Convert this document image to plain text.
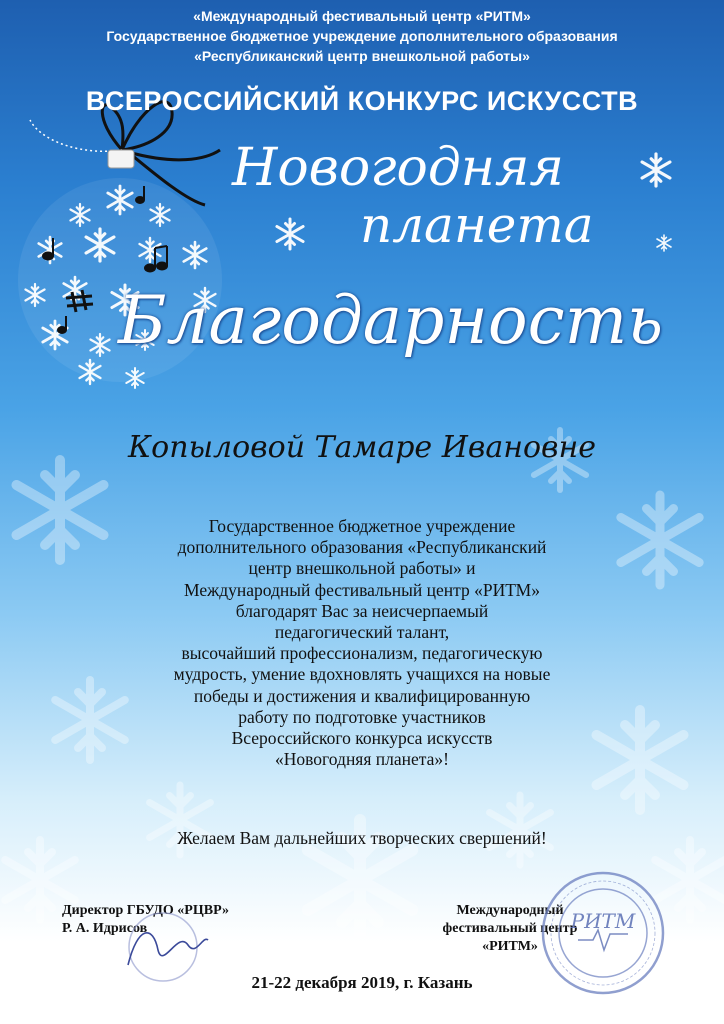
«Международный фестивальный центр «РИТМ»
Государственное бюджетное учреждение дополнительного образования
«Республиканский центр внешкольной работы»
ВСЕРОССИЙСКИЙ КОНКУРС ИСКУССТВ
Новогодняя
планета
Благодарность
Копыловой Тамаре Ивановне
Государственное бюджетное учреждение
дополнительного образования «Республиканский
центр внешкольной работы» и
Международный фестивальный центр «РИТМ»
благодарят Вас за неисчерпаемый
педагогический талант,
высочайший профессионализм, педагогическую
мудрость, умение вдохновлять учащихся на новые
победы и достижения и квалифицированную
работу по подготовке участников
Всероссийского конкурса искусств
«Новогодняя планета»!
Желаем Вам дальнейших творческих свершений!
Директор ГБУДО «РЦВР»
Р. А. Идрисов
Международный
фестивальный центр
«РИТМ»
РИТМ
21-22 декабря 2019, г. Казань
